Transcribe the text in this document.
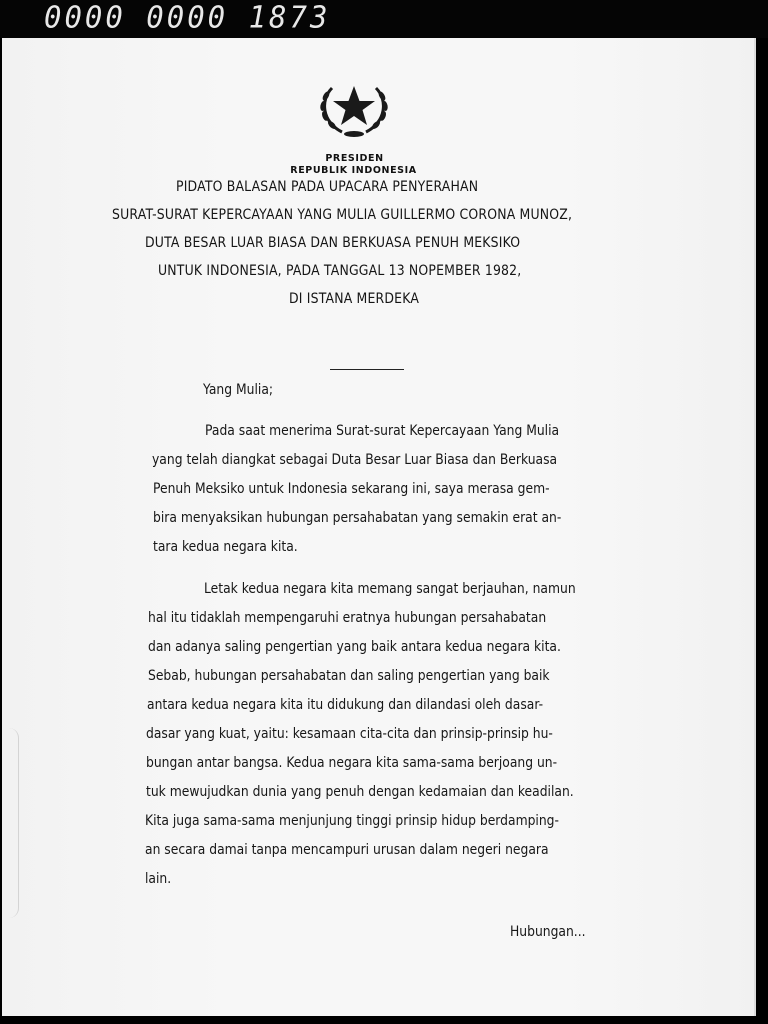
0000 0000 1873
PRESIDEN
REPUBLIK INDONESIA
PIDATO BALASAN PADA UPACARA PENYERAHAN
SURAT-SURAT KEPERCAYAAN YANG MULIA GUILLERMO CORONA MUNOZ,
DUTA BESAR LUAR BIASA DAN BERKUASA PENUH MEKSIKO
UNTUK INDONESIA, PADA TANGGAL 13 NOPEMBER 1982,
DI ISTANA MERDEKA
Yang Mulia;
Pada saat menerima Surat-surat Kepercayaan Yang Mulia
yang telah diangkat sebagai Duta Besar Luar Biasa dan Berkuasa
Penuh Meksiko untuk Indonesia sekarang ini, saya merasa gem-
bira menyaksikan hubungan persahabatan yang semakin erat an-
tara kedua negara kita.
Letak kedua negara kita memang sangat berjauhan, namun
hal itu tidaklah mempengaruhi eratnya hubungan persahabatan
dan adanya saling pengertian yang baik antara kedua negara kita.
Sebab, hubungan persahabatan dan saling pengertian yang baik
antara kedua negara kita itu didukung dan dilandasi oleh dasar-
dasar yang kuat, yaitu: kesamaan cita-cita dan prinsip-prinsip hu-
bungan antar bangsa. Kedua negara kita sama-sama berjoang un-
tuk mewujudkan dunia yang penuh dengan kedamaian dan keadilan.
Kita juga sama-sama menjunjung tinggi prinsip hidup berdamping-
an secara damai tanpa mencampuri urusan dalam negeri negara
lain.
Hubungan...
